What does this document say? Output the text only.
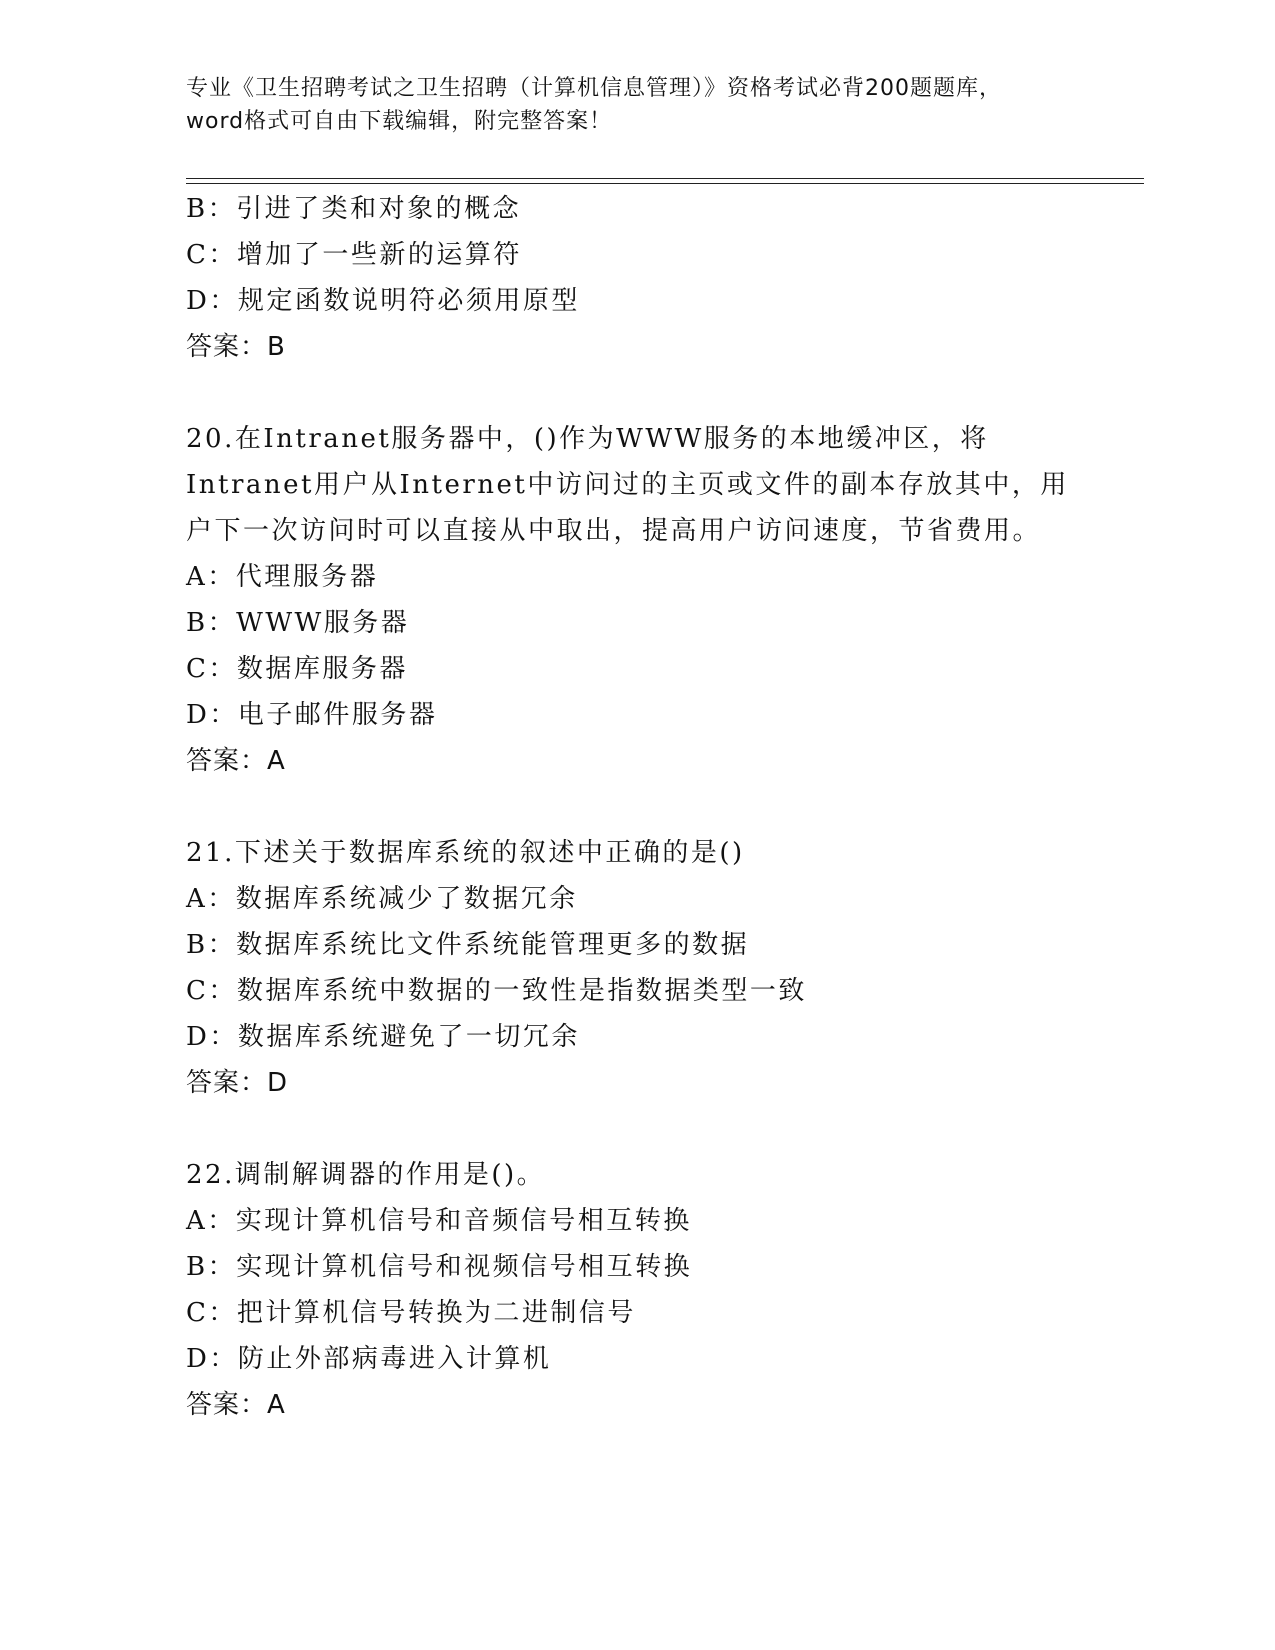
专业《卫生招聘考试之卫生招聘（计算机信息管理）》资格考试必背200题题库，

word格式可自由下载编辑，附完整答案！

B：引进了类和对象的概念
C：增加了一些新的运算符
D：规定函数说明符必须用原型
答案：B
20.在Intranet服务器中，()作为WWW服务的本地缓冲区，将
Intranet用户从Internet中访问过的主页或文件的副本存放其中，用
户下一次访问时可以直接从中取出，提高用户访问速度，节省费用。
A：代理服务器
B：WWW服务器
C：数据库服务器
D：电子邮件服务器
答案：A
21.下述关于数据库系统的叙述中正确的是()
A：数据库系统减少了数据冗余
B：数据库系统比文件系统能管理更多的数据
C：数据库系统中数据的一致性是指数据类型一致
D：数据库系统避免了一切冗余
答案：D
22.调制解调器的作用是()。
A：实现计算机信号和音频信号相互转换
B：实现计算机信号和视频信号相互转换
C：把计算机信号转换为二进制信号
D：防止外部病毒进入计算机
答案：A
